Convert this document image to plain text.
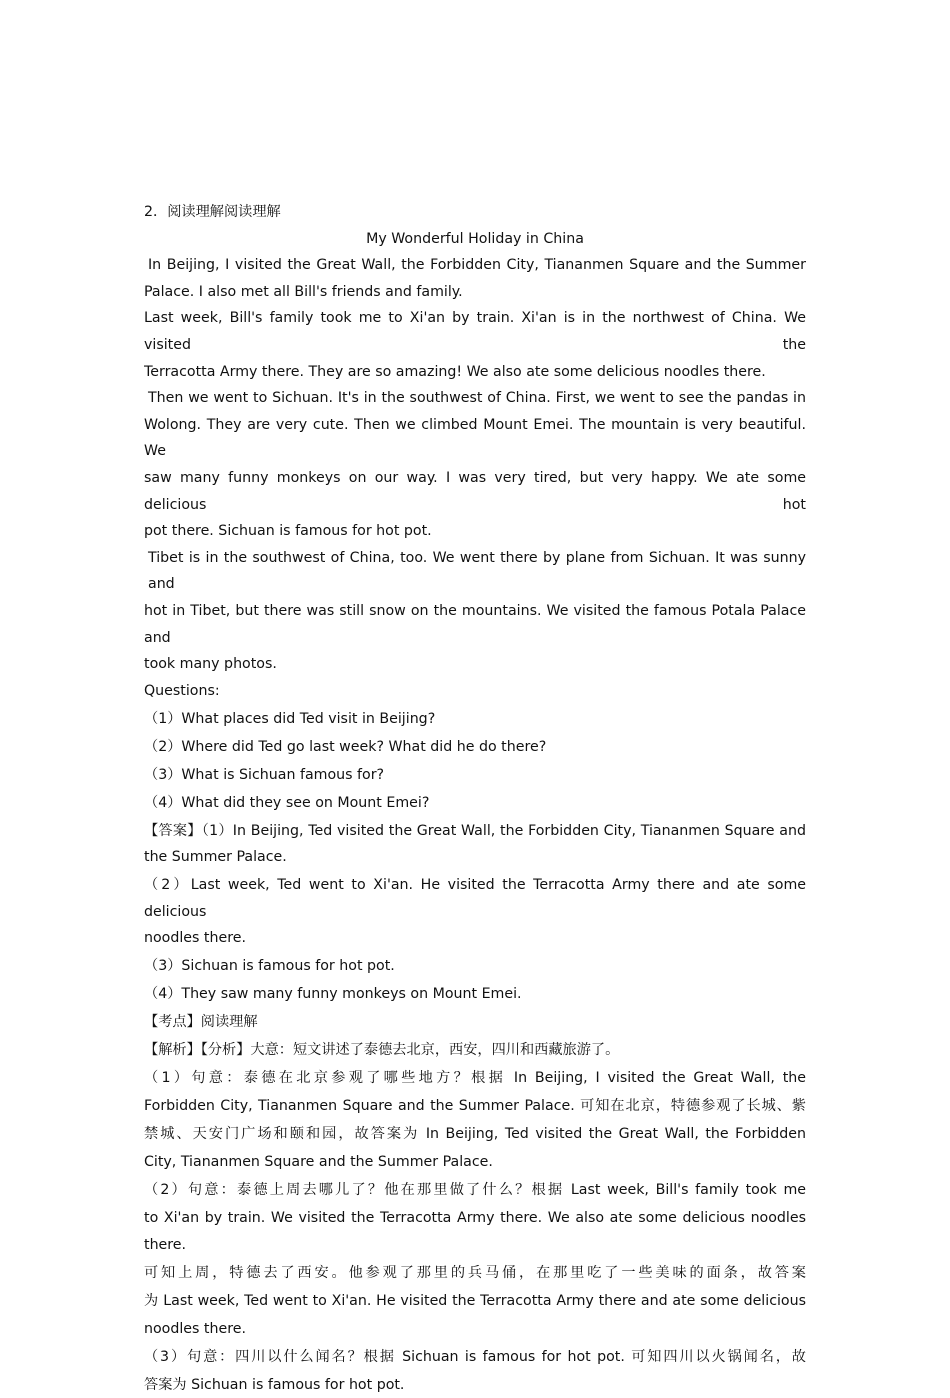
2．阅读理解阅读理解
My Wonderful Holiday in China
In Beijing, I visited the Great Wall, the Forbidden City, Tiananmen Square and the Summer
Palace. I also met all Bill's friends and family.
Last week, Bill's family took me to Xi'an by train. Xi'an is in the northwest of China. We visited the
Terracotta Army there. They are so amazing! We also ate some delicious noodles there.
Then we went to Sichuan. It's in the southwest of China. First, we went to see the pandas in
Wolong. They are very cute. Then we climbed Mount Emei. The mountain is very beautiful. We
saw many funny monkeys on our way. I was very tired, but very happy. We ate some delicious hot
pot there. Sichuan is famous for hot pot.
Tibet is in the southwest of China, too. We went there by plane from Sichuan. It was sunny and
hot in Tibet, but there was still snow on the mountains. We visited the famous Potala Palace and
took many photos.
Questions:
（1）What places did Ted visit in Beijing?
（2）Where did Ted go last week? What did he do there?
（3）What is Sichuan famous for?
（4）What did they see on Mount Emei?
【答案】（1）In Beijing, Ted visited the Great Wall, the Forbidden City, Tiananmen Square and
the Summer Palace.
（2）Last week, Ted went to Xi'an. He visited the Terracotta Army there and ate some delicious
noodles there.
（3）Sichuan is famous for hot pot.
（4）They saw many funny monkeys on Mount Emei.
【考点】阅读理解
【解析】【分析】大意：短文讲述了泰德去北京，西安，四川和西藏旅游了。
（1）句意：泰德在北京参观了哪些地方？根据 In Beijing, I visited the Great Wall, the
Forbidden City, Tiananmen Square and the Summer Palace. 可知在北京，特德参观了长城、紫
禁城、天安门广场和颐和园，故答案为 In Beijing, Ted visited the Great Wall, the Forbidden
City, Tiananmen Square and the Summer Palace.
（2）句意：泰德上周去哪儿了？他在那里做了什么？根据 Last week, Bill's family took me
to Xi'an by train. We visited the Terracotta Army there. We also ate some delicious noodles there.
可知上周，特德去了西安。他参观了那里的兵马俑，在那里吃了一些美味的面条，故答案
为 Last week, Ted went to Xi'an. He visited the Terracotta Army there and ate some delicious
noodles there.
（3）句意：四川以什么闻名？根据 Sichuan is famous for hot pot. 可知四川以火锅闻名，故
答案为 Sichuan is famous for hot pot.
